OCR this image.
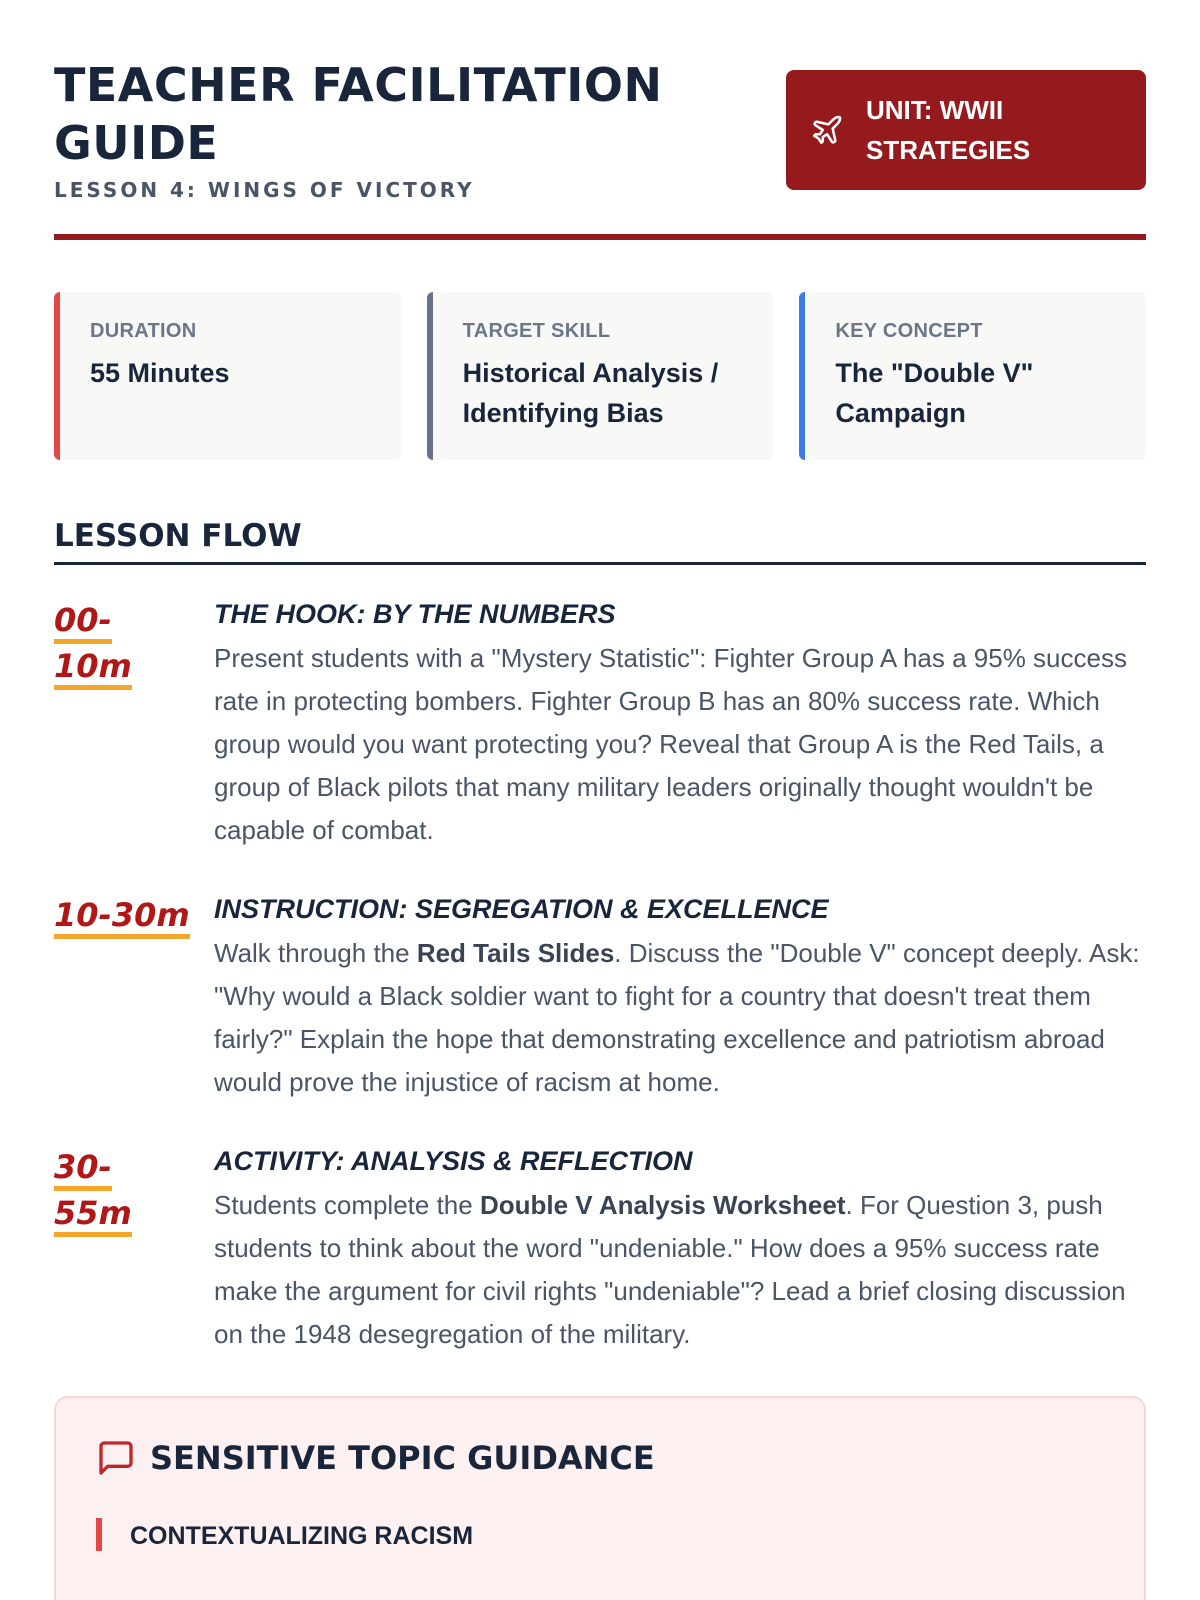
TEACHER FACILITATION
GUIDE
LESSON 4: WINGS OF VICTORY
UNIT: WWII
STRATEGIES
DURATION
55 Minutes
TARGET SKILL
Historical Analysis /
Identifying Bias
KEY CONCEPT
The "Double V"
Campaign
LESSON FLOW
00-
10m
THE HOOK: BY THE NUMBERS
Present students with a "Mystery Statistic": Fighter Group A has a 95% success rate in protecting bombers. Fighter Group B has an 80% success rate. Which group would you want protecting you? Reveal that Group A is the Red Tails, a group of Black pilots that many military leaders originally thought wouldn't be capable of combat.
10-30m INSTRUCTION: SEGREGATION & EXCELLENCE
Walk through the Red Tails Slides. Discuss the "Double V" concept deeply. Ask: "Why would a Black soldier want to fight for a country that doesn't treat them fairly?" Explain the hope that demonstrating excellence and patriotism abroad would prove the injustice of racism at home.
30-
55m
ACTIVITY: ANALYSIS & REFLECTION
Students complete the Double V Analysis Worksheet. For Question 3, push students to think about the word "undeniable." How does a 95% success rate make the argument for civil rights "undeniable"? Lead a brief closing discussion on the 1948 desegregation of the military.
SENSITIVE TOPIC GUIDANCE
CONTEXTUALIZING RACISM
